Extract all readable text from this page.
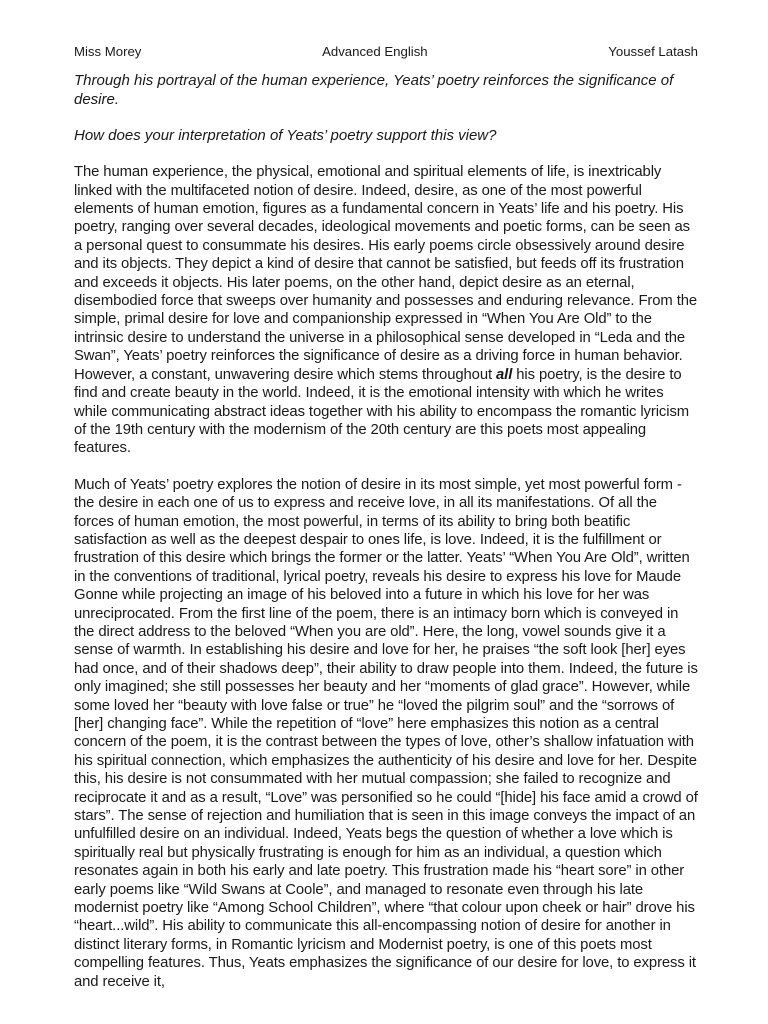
Miss Morey	Advanced English	Youssef Latash

Through his portrayal of the human experience, Yeats’ poetry reinforces the significance of desire.

How does your interpretation of Yeats’ poetry support this view?

The human experience, the physical, emotional and spiritual elements of life, is inextricably linked with the multifaceted notion of desire. Indeed, desire, as one of the most powerful elements of human emotion, figures as a fundamental concern in Yeats’ life and his poetry. His poetry, ranging over several decades, ideological movements and poetic forms, can be seen as a personal quest to consummate his desires. His early poems circle obsessively around desire and its objects. They depict a kind of desire that cannot be satisfied, but feeds off its frustration and exceeds it objects. His later poems, on the other hand, depict desire as an eternal, disembodied force that sweeps over humanity and possesses and enduring relevance. From the simple, primal desire for love and companionship expressed in “When You Are Old” to the intrinsic desire to understand the universe in a philosophical sense developed in “Leda and the Swan”, Yeats’ poetry reinforces the significance of desire as a driving force in human behavior. However, a constant, unwavering desire which stems throughout all his poetry, is the desire to find and create beauty in the world. Indeed, it is the emotional intensity with which he writes while communicating abstract ideas together with his ability to encompass the romantic lyricism of the 19th century with the modernism of the 20th century are this poets most appealing features.

Much of Yeats’ poetry explores the notion of desire in its most simple, yet most powerful form - the desire in each one of us to express and receive love, in all its manifestations. Of all the forces of human emotion, the most powerful, in terms of its ability to bring both beatific satisfaction as well as the deepest despair to ones life, is love. Indeed, it is the fulfillment or frustration of this desire which brings the former or the latter. Yeats’ “When You Are Old”, written in the conventions of traditional, lyrical poetry, reveals his desire to express his love for Maude Gonne while projecting an image of his beloved into a future in which his love for her was unreciprocated. From the first line of the poem, there is an intimacy born which is conveyed in the direct address to the beloved “When you are old”. Here, the long, vowel sounds give it a sense of warmth. In establishing his desire and love for her, he praises “the soft look [her] eyes had once, and of their shadows deep”, their ability to draw people into them. Indeed, the future is only imagined; she still possesses her beauty and her “moments of glad grace”. However, while some loved her “beauty with love false or true” he “loved the pilgrim soul” and the “sorrows of [her] changing face”. While the repetition of “love” here emphasizes this notion as a central concern of the poem, it is the contrast between the types of love, other’s shallow infatuation with his spiritual connection, which emphasizes the authenticity of his desire and love for her. Despite this, his desire is not consummated with her mutual compassion; she failed to recognize and reciprocate it and as a result, “Love” was personified so he could “[hide] his face amid a crowd of stars”. The sense of rejection and humiliation that is seen in this image conveys the impact of an unfulfilled desire on an individual. Indeed, Yeats begs the question of whether a love which is spiritually real but physically frustrating is enough for him as an individual, a question which resonates again in both his early and late poetry. This frustration made his “heart sore” in other early poems like “Wild Swans at Coole”, and managed to resonate even through his late modernist poetry like “Among School Children”, where “that colour upon cheek or hair” drove his “heart...wild”. His ability to communicate this all-encompassing notion of desire for another in distinct literary forms, in Romantic lyricism and Modernist poetry, is one of this poets most compelling features. Thus, Yeats emphasizes the significance of our desire for love, to express it and receive it,
